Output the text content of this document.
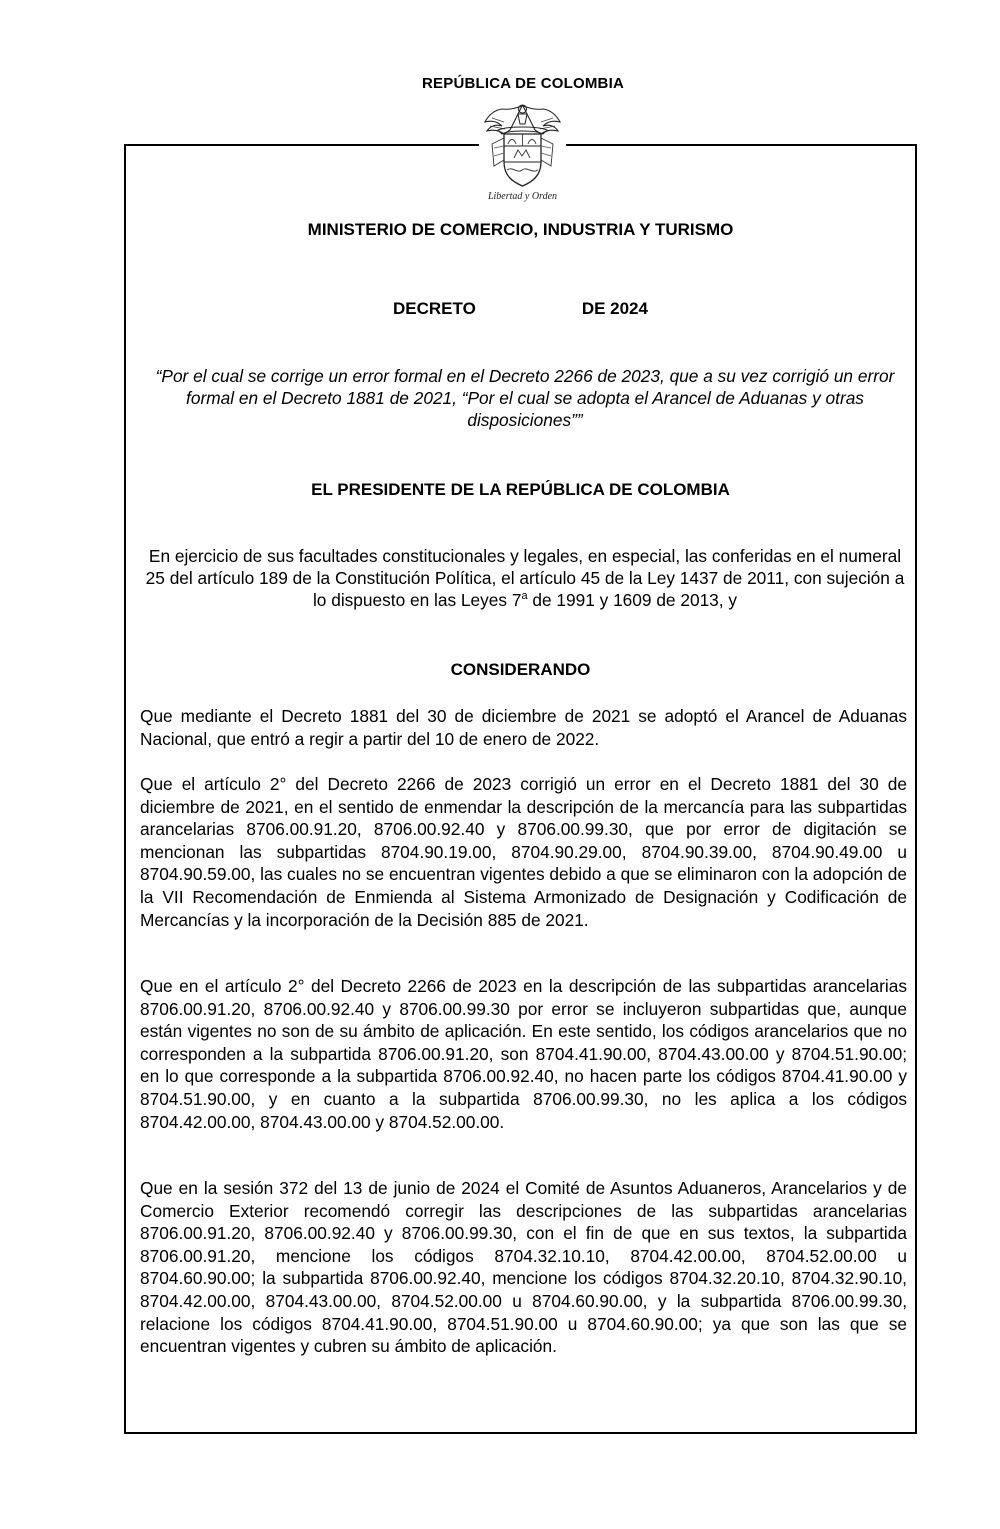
REPÚBLICA DE COLOMBIA
Libertad y Orden
MINISTERIO DE COMERCIO, INDUSTRIA Y TURISMO
DECRETO	DE 2024
“Por el cual se corrige un error formal en el Decreto 2266 de 2023, que a su vez corrigió un error formal en el Decreto 1881 de 2021, “Por el cual se adopta el Arancel de Aduanas y otras disposiciones””
EL PRESIDENTE DE LA REPÚBLICA DE COLOMBIA
En ejercicio de sus facultades constitucionales y legales, en especial, las conferidas en el numeral 25 del artículo 189 de la Constitución Política, el artículo 45 de la Ley 1437 de 2011, con sujeción a lo dispuesto en las Leyes 7$^a$ de 1991 y 1609 de 2013, y
CONSIDERANDO
Que mediante el Decreto 1881 del 30 de diciembre de 2021 se adoptó el Arancel de Aduanas Nacional, que entró a regir a partir del 10 de enero de 2022.
Que el artículo 2° del Decreto 2266 de 2023 corrigió un error en el Decreto 1881 del 30 de diciembre de 2021, en el sentido de enmendar la descripción de la mercancía para las subpartidas arancelarias 8706.00.91.20, 8706.00.92.40 y 8706.00.99.30, que por error de digitación se mencionan las subpartidas 8704.90.19.00, 8704.90.29.00, 8704.90.39.00, 8704.90.49.00 u 8704.90.59.00, las cuales no se encuentran vigentes debido a que se eliminaron con la adopción de la VII Recomendación de Enmienda al Sistema Armonizado de Designación y Codificación de Mercancías y la incorporación de la Decisión 885 de 2021.
Que en el artículo 2° del Decreto 2266 de 2023 en la descripción de las subpartidas arancelarias 8706.00.91.20, 8706.00.92.40 y 8706.00.99.30 por error se incluyeron subpartidas que, aunque están vigentes no son de su ámbito de aplicación. En este sentido, los códigos arancelarios que no corresponden a la subpartida 8706.00.91.20, son 8704.41.90.00, 8704.43.00.00 y 8704.51.90.00; en lo que corresponde a la subpartida 8706.00.92.40, no hacen parte los códigos 8704.41.90.00 y 8704.51.90.00, y en cuanto a la subpartida 8706.00.99.30, no les aplica a los códigos 8704.42.00.00, 8704.43.00.00 y 8704.52.00.00.
Que en la sesión 372 del 13 de junio de 2024 el Comité de Asuntos Aduaneros, Arancelarios y de Comercio Exterior recomendó corregir las descripciones de las subpartidas arancelarias 8706.00.91.20, 8706.00.92.40 y 8706.00.99.30, con el fin de que en sus textos, la subpartida 8706.00.91.20, mencione los códigos 8704.32.10.10, 8704.42.00.00, 8704.52.00.00 u 8704.60.90.00; la subpartida 8706.00.92.40, mencione los códigos 8704.32.20.10, 8704.32.90.10, 8704.42.00.00, 8704.43.00.00, 8704.52.00.00 u 8704.60.90.00, y la subpartida 8706.00.99.30, relacione los códigos 8704.41.90.00, 8704.51.90.00 u 8704.60.90.00; ya que son las que se encuentran vigentes y cubren su ámbito de aplicación.
